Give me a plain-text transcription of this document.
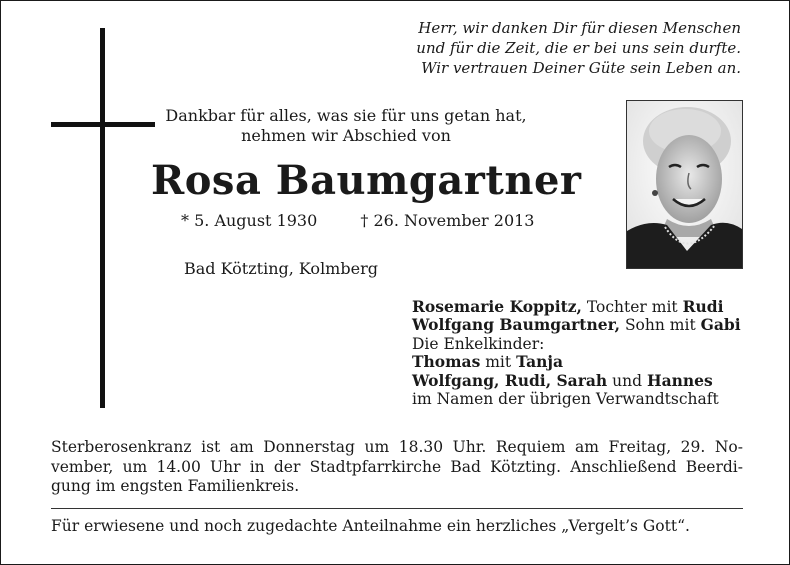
Herr, wir danken Dir für diesen Menschen
und für die Zeit, die er bei uns sein durfte.
Wir vertrauen Deiner Güte sein Leben an.
Dankbar für alles, was sie für uns getan hat,
nehmen wir Abschied von
Rosa Baumgartner
* 5. August 1930	† 26. November 2013
Bad Kötzting, Kolmberg
Rosemarie Koppitz, Tochter mit Rudi
Wolfgang Baumgartner, Sohn mit Gabi
Die Enkelkinder:
Thomas mit Tanja
Wolfgang, Rudi, Sarah und Hannes
im Namen der übrigen Verwandtschaft
Sterberosenkranz ist am Donnerstag um 18.30 Uhr. Requiem am Freitag, 29. No-
vember, um 14.00 Uhr in der Stadtpfarrkirche Bad Kötzting. Anschließend Beerdi-
gung im engsten Familienkreis.
Für erwiesene und noch zugedachte Anteilnahme ein herzliches „Vergelt’s Gott“.
